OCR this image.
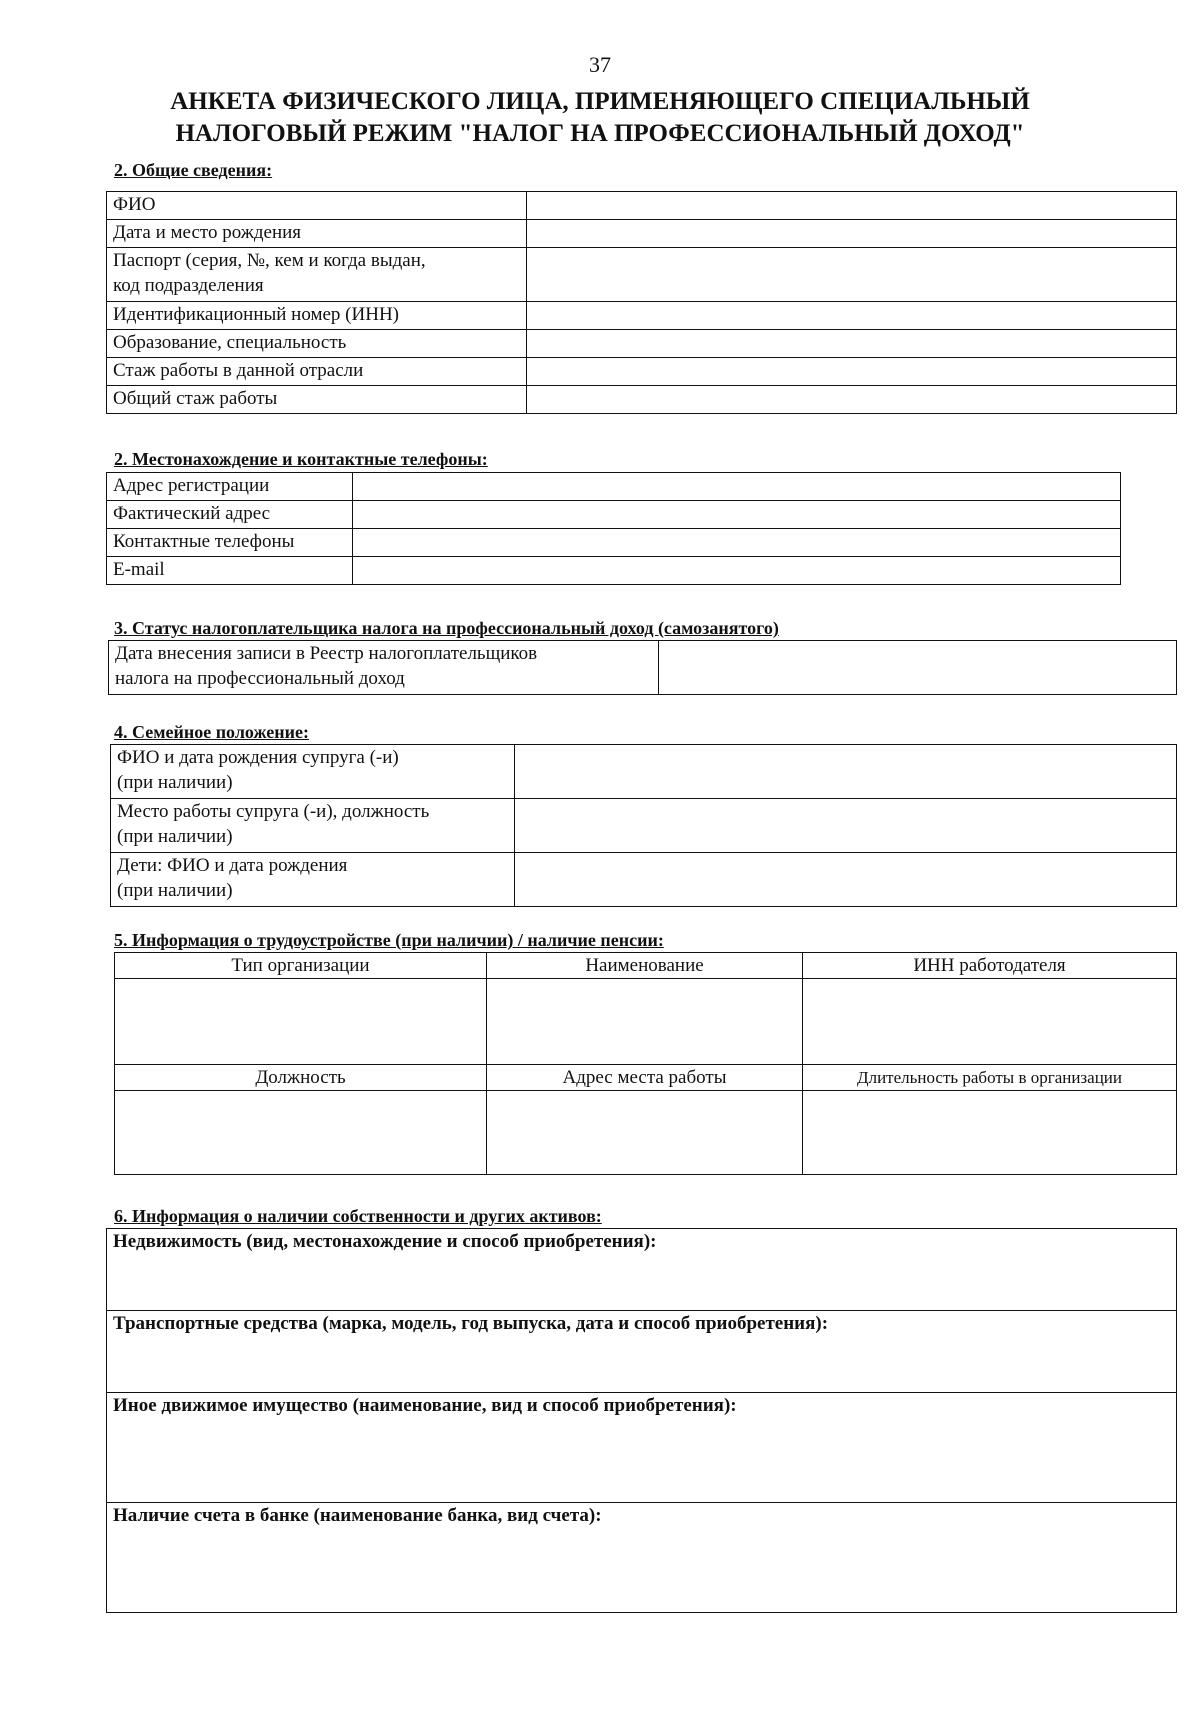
37
АНКЕТА ФИЗИЧЕСКОГО ЛИЦА, ПРИМЕНЯЮЩЕГО СПЕЦИАЛЬНЫЙ
НАЛОГОВЫЙ РЕЖИМ "НАЛОГ НА ПРОФЕССИОНАЛЬНЫЙ ДОХОД"
2. Общие сведения:
ФИО	
Дата и место рождения	
Паспорт (серия, №, кем и когда выдан,
код подразделения	
Идентификационный номер (ИНН)	
Образование, специальность	
Стаж работы в данной отрасли	
Общий стаж работы	
2. Местонахождение и контактные телефоны:
Адрес регистрации	
Фактический адрес	
Контактные телефоны	
E-mail	
3. Статус налогоплательщика налога на профессиональный доход (самозанятого)
Дата внесения записи в Реестр налогоплательщиков
налога на профессиональный доход	
4. Семейное положение:
ФИО и дата рождения супруга (-и)
(при наличии)	
Место работы супруга (-и), должность
(при наличии)	
Дети: ФИО и дата рождения
(при наличии)	
5. Информация о трудоустройстве (при наличии) / наличие пенсии:
Тип организации	Наименование	ИНН работодателя

Должность	Адрес места работы	Длительность работы в организации

6. Информация о наличии собственности и других активов:
Недвижимость (вид, местонахождение и способ приобретения):
Транспортные средства (марка, модель, год выпуска, дата и способ приобретения):
Иное движимое имущество (наименование, вид и способ приобретения):
Наличие счета в банке (наименование банка, вид счета):
